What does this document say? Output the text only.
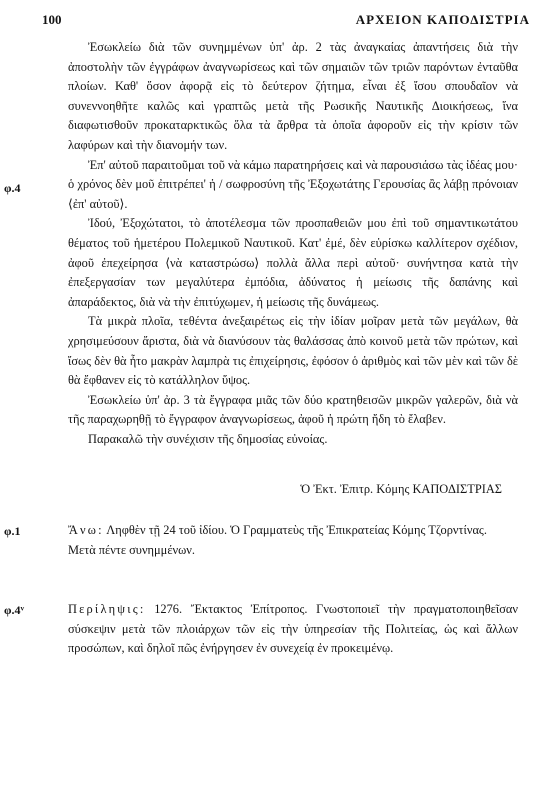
100	ΑΡΧΕΙΟΝ ΚΑΠΟΔΙΣΤΡΙΑ
φ.4

Ἐσωκλείω διὰ τῶν συνημμένων ὑπ' ἀρ. 2 τὰς ἀναγκαίας ἀπαντήσεις διὰ τὴν ἀποστολὴν τῶν ἐγγράφων ἀναγνωρίσεως καὶ τῶν σημαιῶν τῶν τριῶν παρόντων ἐνταῦθα πλοίων. Καθ' ὅσον ἀφορᾷ εἰς τὸ δεύτερον ζήτημα, εἶναι ἐξ ἴσου σπουδαῖον νὰ συνεννοηθῆτε καλῶς καὶ γραπτῶς μετὰ τῆς Ρωσικῆς Ναυτικῆς Διοικήσεως, ἵνα διαφωτισθοῦν προκαταρκτικῶς ὅλα τὰ ἄρθρα τὰ ὁποῖα ἀφοροῦν εἰς τὴν κρίσιν τῶν λαφύρων καὶ τὴν διανομήν των.

Ἐπ' αὐτοῦ παραιτοῦμαι τοῦ νὰ κάμω παρατηρήσεις καὶ νὰ παρουσιάσω τὰς ἰδέας μου· ὁ χρόνος δὲν μοῦ ἐπιτρέπει' ἡ / σωφροσύνη τῆς Ἐξοχωτάτης Γερουσίας ἂς λάβῃ πρόνοιαν ⟨ἐπ' αὐτοῦ⟩.

Ἰδού, Ἐξοχώτατοι, τὸ ἀποτέλεσμα τῶν προσπαθειῶν μου ἐπὶ τοῦ σημαντικωτάτου θέματος τοῦ ἡμετέρου Πολεμικοῦ Ναυτικοῦ. Κατ' ἐμέ, δὲν εὑρίσκω καλλίτερον σχέδιον, ἀφοῦ ἐπεχείρησα ⟨νὰ καταστρώσω⟩ πολλὰ ἄλλα περὶ αὐτοῦ· συνήντησα κατὰ τὴν ἐπεξεργασίαν των μεγαλύτερα ἐμπόδια, ἀδύνατος ἡ μείωσις τῆς δαπάνης καὶ ἀπαράδεκτος, διὰ νὰ τὴν ἐπιτύχωμεν, ἡ μείωσις τῆς δυνάμεως.

Τὰ μικρὰ πλοῖα, τεθέντα ἀνεξαιρέτως εἰς τὴν ἰδίαν μοῖραν μετὰ τῶν μεγάλων, θὰ χρησιμεύσουν ἄριστα, διὰ νὰ διανύσουν τὰς θαλάσσας ἀπὸ κοινοῦ μετὰ τῶν πρώτων, καὶ ἴσως δὲν θὰ ἦτο μακρὰν λαμπρὰ τις ἐπιχείρησις, ἐφόσον ὁ ἀριθμὸς καὶ τῶν μὲν καὶ τῶν δὲ θὰ ἔφθανεν εἰς τὸ κατάλληλον ὕψος.

Ἐσωκλείω ὑπ' ἀρ. 3 τὰ ἔγγραφα μιᾶς τῶν δύο κρατηθεισῶν μικρῶν γαλερῶν, διὰ νὰ τῆς παραχωρηθῇ τὸ ἔγγραφον ἀναγνωρίσεως, ἀφοῦ ἡ πρώτη ἤδη τὸ ἔλαβεν.

Παρακαλῶ τὴν συνέχισιν τῆς δημοσίας εὐνοίας.

Ὁ Ἐκτ. Ἐπιτρ. Κόμης ΚΑΠΟΔΙΣΤΡΙΑΣ
φ.1	Ἄνω: Ληφθὲν τῇ 24 τοῦ ἰδίου. Ὁ Γραμματεὺς τῆς Ἐπικρατείας Κόμης Τζορντίνας.

Μετὰ πέντε συνημμένων.

φ.4ᵛ	Περίληψις: 1276. Ἔκτακτος Ἐπίτροπος. Γνωστοποιεῖ τὴν πραγματοποιηθεῖσαν σύσκεψιν μετὰ τῶν πλοιάρχων τῶν εἰς τὴν ὑπηρεσίαν τῆς Πολιτείας, ὡς καὶ ἄλλων προσώπων, καὶ δηλοῖ πῶς ἐνήργησεν ἐν συνεχείᾳ ἐν προκειμένῳ.
